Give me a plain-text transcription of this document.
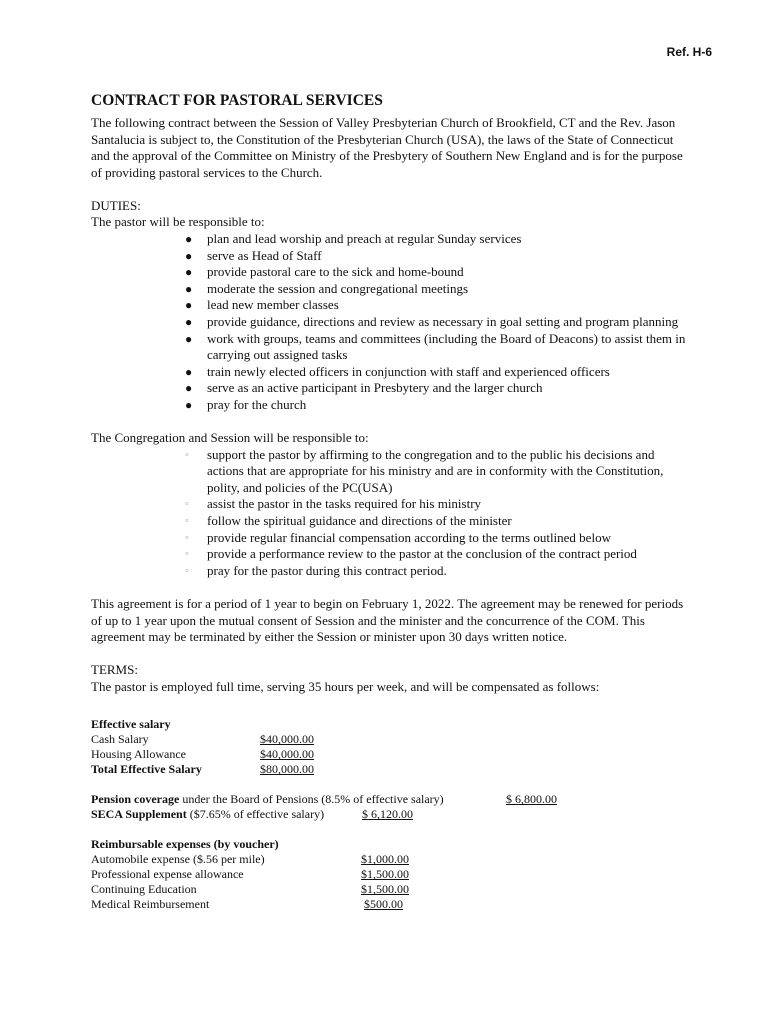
Ref. H-6
CONTRACT FOR PASTORAL SERVICES

The following contract between the Session of Valley Presbyterian Church of Brookfield, CT and the Rev. Jason Santalucia is subject to, the Constitution of the Presbyterian Church (USA), the laws of the State of Connecticut and the approval of the Committee on Ministry of the Presbytery of Southern New England and is for the purpose of providing pastoral services to the Church.

DUTIES:

The pastor will be responsible to:

● plan and lead worship and preach at regular Sunday services
● serve as Head of Staff
● provide pastoral care to the sick and home-bound
● moderate the session and congregational meetings
● lead new member classes
● provide guidance, directions and review as necessary in goal setting and program planning
● work with groups, teams and committees (including the Board of Deacons) to assist them in carrying out assigned tasks
● train newly elected officers in conjunction with staff and experienced officers
● serve as an active participant in Presbytery and the larger church
● pray for the church

The Congregation and Session will be responsible to:

◦ support the pastor by affirming to the congregation and to the public his decisions and actions that are appropriate for his ministry and are in conformity with the Constitution, polity, and policies of the PC(USA)
◦ assist the pastor in the tasks required for his ministry
◦ follow the spiritual guidance and directions of the minister
◦ provide regular financial compensation according to the terms outlined below
◦ provide a performance review to the pastor at the conclusion of the contract period
◦ pray for the pastor during this contract period.

This agreement is for a period of 1 year to begin on February 1, 2022. The agreement may be renewed for periods of up to 1 year upon the mutual consent of Session and the minister and the concurrence of the COM. This agreement may be terminated by either the Session or minister upon 30 days written notice.

TERMS:

The pastor is employed full time, serving 35 hours per week, and will be compensated as follows:

Effective salary
Cash Salary	$40,000.00
Housing Allowance	$40,000.00
Total Effective Salary	$80,000.00
Pension coverage under the Board of Pensions (8.5% of effective salary)	$ 6,800.00
SECA Supplement ($7.65% of effective salary)	$ 6,120.00
Reimbursable expenses (by voucher)
Automobile expense ($.56 per mile)	$1,000.00
Professional expense allowance	$1,500.00
Continuing Education	$1,500.00
Medical Reimbursement	$500.00
